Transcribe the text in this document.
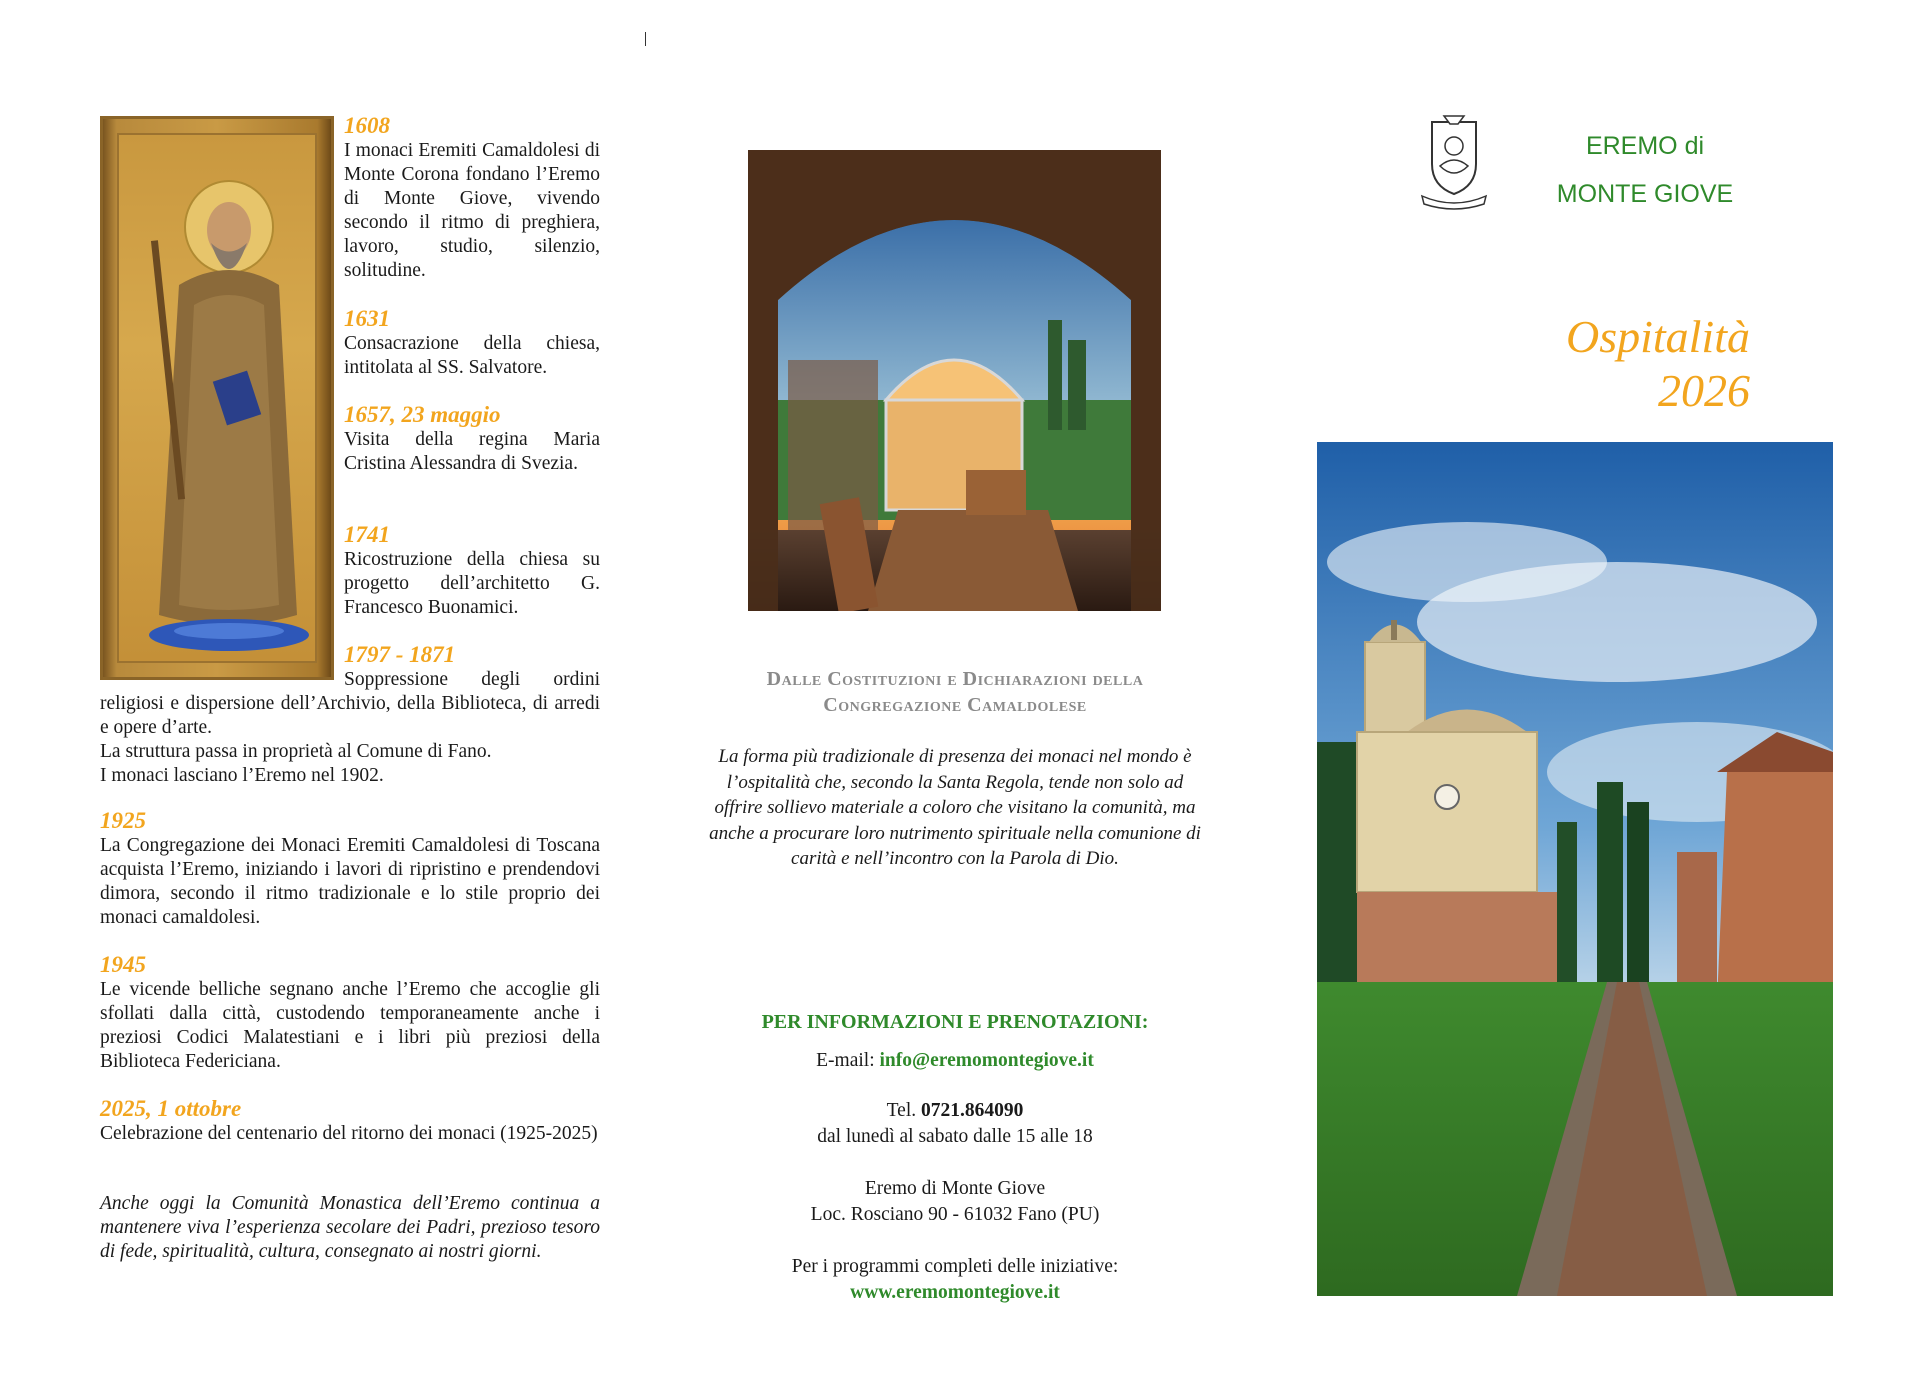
1608

I monaci Eremiti Camaldolesi di Monte Corona fondano l’Eremo di Monte Giove, vivendo secondo il ritmo di preghiera, lavoro, studio, silenzio, solitudine.

1631

Consacrazione della chiesa, intitolata al SS. Salvatore.

1657, 23 maggio

Visita della regina Maria Cristina Alessandra di Svezia.

1741

Ricostruzione della chiesa su progetto dell’architetto G. Francesco Buonamici.

1797 - 1871

Soppressione degli ordini religiosi e dispersione dell’Archivio, della Biblioteca, di arredi e opere d’arte.

La struttura passa in proprietà al Comune di Fano.

I monaci lasciano l’Eremo nel 1902.

1925

La Congregazione dei Monaci Eremiti Camaldolesi di Toscana acquista l’Eremo, iniziando i lavori di ripristino e prendendovi dimora, secondo il ritmo tradizionale e lo stile proprio dei monaci camaldolesi.

1945

Le vicende belliche segnano anche l’Eremo che accoglie gli sfollati dalla città, custodendo temporaneamente anche i preziosi Codici Malatestiani e i libri più preziosi della Biblioteca Federiciana.

2025, 1 ottobre

Celebrazione del centenario del ritorno dei monaci (1925-2025)

Anche oggi la Comunità Monastica dell’Eremo continua a mantenere viva l’esperienza secolare dei Padri, prezioso tesoro di fede, spiritualità, cultura, consegnato ai nostri giorni.
Dalle Costituzioni e Dichiarazioni della
Congregazione Camaldolese
La forma più tradizionale di presenza dei monaci nel mondo è l’ospitalità che, secondo la Santa Regola, tende non solo ad offrire sollievo materiale a coloro che visitano la comunità, ma anche a procurare loro nutrimento spirituale nella comunione di carità e nell’incontro con la Parola di Dio.
PER INFORMAZIONI E PRENOTAZIONI:
E-mail: info@eremomontegiove.it
Tel. 0721.864090
dal lunedì al sabato dalle 15 alle 18
Eremo di Monte Giove
Loc. Rosciano 90 - 61032 Fano (PU)
Per i programmi completi delle iniziative:
www.eremomontegiove.it
EREMO di
MONTE GIOVE
Ospitalità
2026
